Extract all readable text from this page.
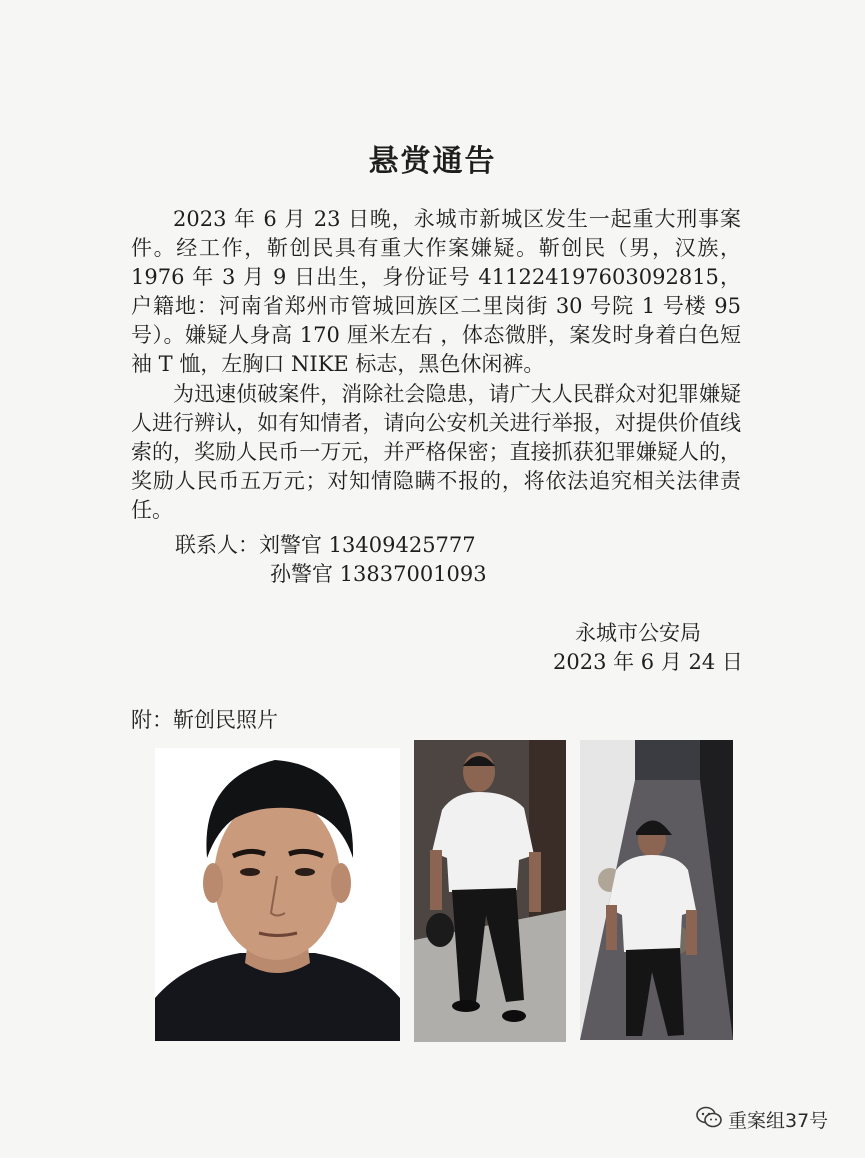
悬赏通告

2023 年 6 月 23 日晚，永城市新城区发生一起重大刑事案件。经工作，靳创民具有重大作案嫌疑。靳创民（男，汉族，1976 年 3 月 9 日出生，身份证号 411224197603092815，户籍地：河南省郑州市管城回族区二里岗街 30 号院 1 号楼 95 号）。嫌疑人身高 170 厘米左右 ，体态微胖，案发时身着白色短袖 T 恤，左胸口 NIKE 标志，黑色休闲裤。

为迅速侦破案件，消除社会隐患，请广大人民群众对犯罪嫌疑人进行辨认，如有知情者，请向公安机关进行举报，对提供价值线索的，奖励人民币一万元，并严格保密；直接抓获犯罪嫌疑人的，奖励人民币五万元；对知情隐瞒不报的，将依法追究相关法律责任。

联系人：刘警官 13409425777
孙警官 13837001093
永城市公安局
2023 年 6 月 24 日
附：靳创民照片
重案组37号
